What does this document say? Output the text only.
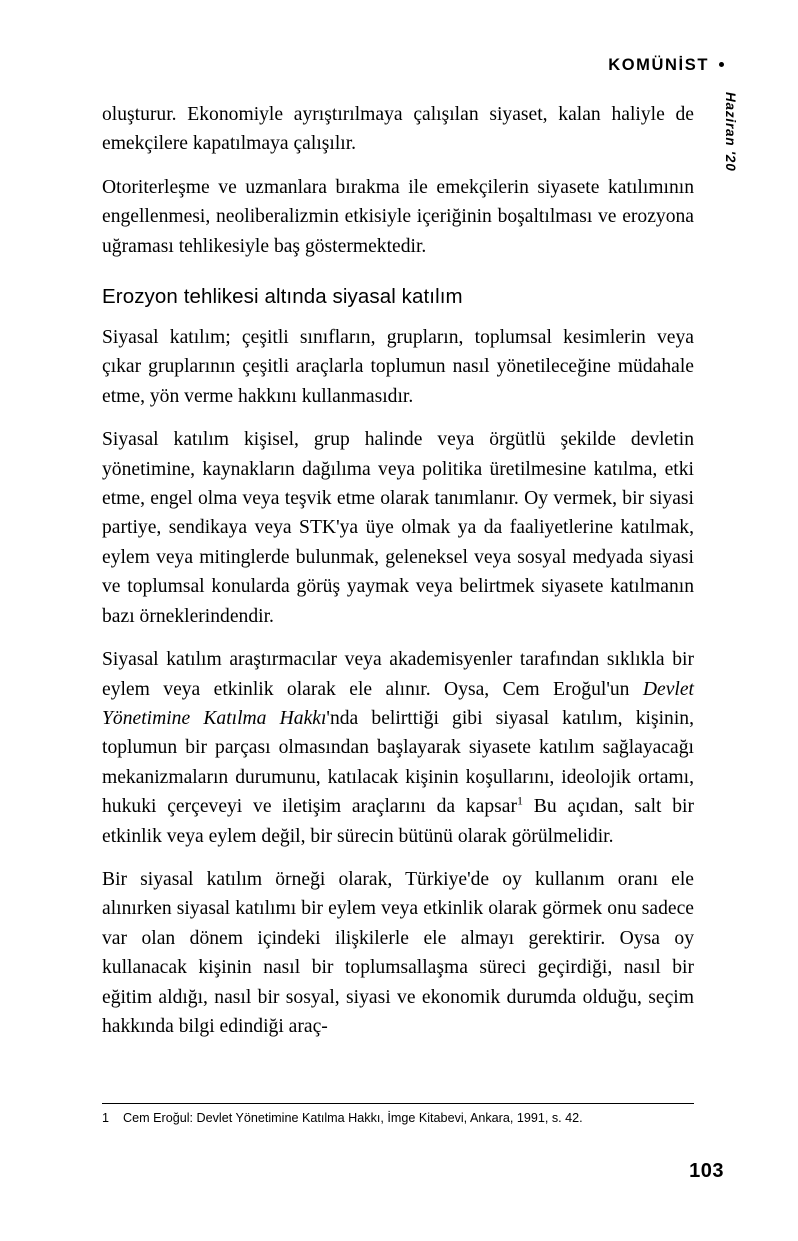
KOMÜNİST
Haziran '20

oluşturur. Ekonomiyle ayrıştırılmaya çalışılan siyaset, kalan haliyle de emekçilere kapatılmaya çalışılır.

Otoriterleşme ve uzmanlara bırakma ile emekçilerin siyasete katılımının engellenmesi, neoliberalizmin etkisiyle içeriğinin boşaltılması ve erozyona uğraması tehlikesiyle baş göstermektedir.

Erozyon tehlikesi altında siyasal katılım

Siyasal katılım; çeşitli sınıfların, grupların, toplumsal kesimlerin veya çıkar gruplarının çeşitli araçlarla toplumun nasıl yönetileceğine müdahale etme, yön verme hakkını kullanmasıdır.

Siyasal katılım kişisel, grup halinde veya örgütlü şekilde devletin yönetimine, kaynakların dağılıma veya politika üretilmesine katılma, etki etme, engel olma veya teşvik etme olarak tanımlanır. Oy vermek, bir siyasi partiye, sendikaya veya STK'ya üye olmak ya da faaliyetlerine katılmak, eylem veya mitinglerde bulunmak, geleneksel veya sosyal medyada siyasi ve toplumsal konularda görüş yaymak veya belirtmek siyasete katılmanın bazı örneklerindendir.

Siyasal katılım araştırmacılar veya akademisyenler tarafından sıklıkla bir eylem veya etkinlik olarak ele alınır. Oysa, Cem Eroğul'un Devlet Yönetimine Katılma Hakkı'nda belirttiği gibi siyasal katılım, kişinin, toplumun bir parçası olmasından başlayarak siyasete katılım sağlayacağı mekanizmaların durumunu, katılacak kişinin koşullarını, ideolojik ortamı, hukuki çerçeveyi ve iletişim araçlarını da kapsar$^1$ Bu açıdan, salt bir etkinlik veya eylem değil, bir sürecin bütünü olarak görülmelidir.

Bir siyasal katılım örneği olarak, Türkiye'de oy kullanım oranı ele alınırken siyasal katılımı bir eylem veya etkinlik olarak görmek onu sadece var olan dönem içindeki ilişkilerle ele almayı gerektirir. Oysa oy kullanacak kişinin nasıl bir toplumsallaşma süreci geçirdiği, nasıl bir eğitim aldığı, nasıl bir sosyal, siyasi ve ekonomik durumda olduğu, seçim hakkında bilgi edindiği araç-

1 Cem Eroğul: Devlet Yönetimine Katılma Hakkı, İmge Kitabevi, Ankara, 1991, s. 42.
103
